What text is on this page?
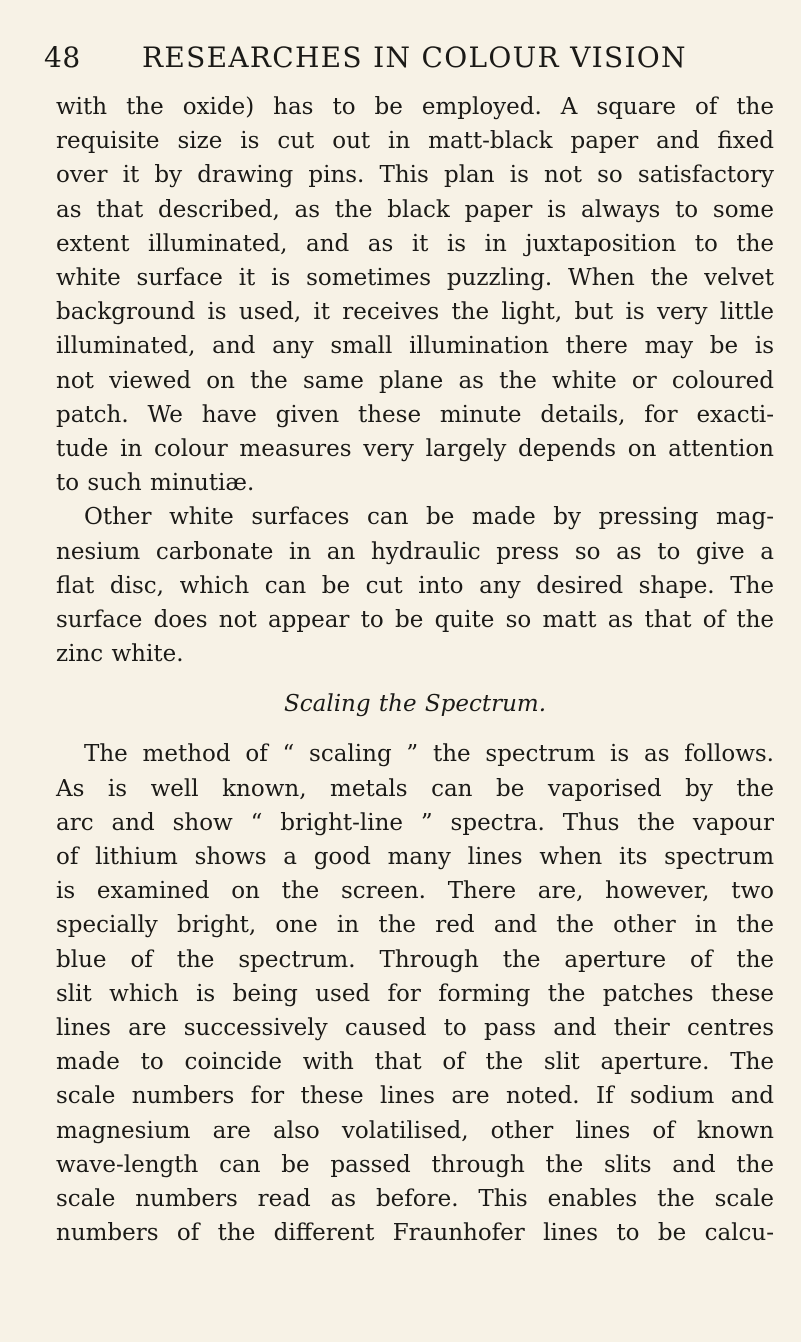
48 RESEARCHES IN COLOUR VISION
with the oxide) has to be employed. A square of the
requisite size is cut out in matt-black paper and fixed
over it by drawing pins. This plan is not so satisfactory
as that described, as the black paper is always to some
extent illuminated, and as it is in juxtaposition to the
white surface it is sometimes puzzling. When the velvet
background is used, it receives the light, but is very little
illuminated, and any small illumination there may be is
not viewed on the same plane as the white or coloured
patch. We have given these minute details, for exacti-
tude in colour measures very largely depends on attention
to such minutiæ.
Other white surfaces can be made by pressing mag-
nesium carbonate in an hydraulic press so as to give a
flat disc, which can be cut into any desired shape. The
surface does not appear to be quite so matt as that of the
zinc white.
Scaling the Spectrum.
The method of “ scaling ” the spectrum is as follows.
As is well known, metals can be vaporised by the
arc and show “ bright-line ” spectra. Thus the vapour
of lithium shows a good many lines when its spectrum
is examined on the screen. There are, however, two
specially bright, one in the red and the other in the
blue of the spectrum. Through the aperture of the
slit which is being used for forming the patches these
lines are successively caused to pass and their centres
made to coincide with that of the slit aperture. The
scale numbers for these lines are noted. If sodium and
magnesium are also volatilised, other lines of known
wave-length can be passed through the slits and the
scale numbers read as before. This enables the scale
numbers of the different Fraunhofer lines to be calcu-
